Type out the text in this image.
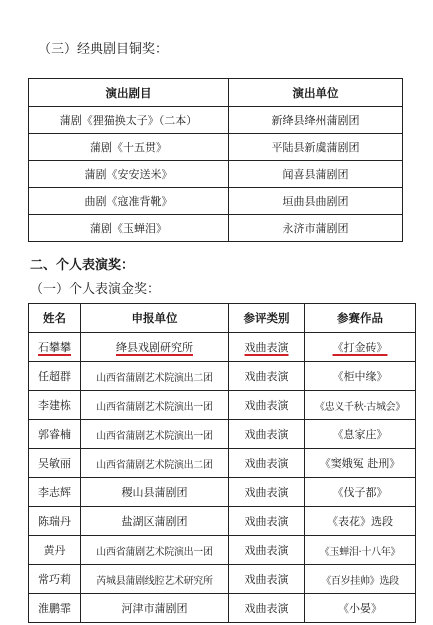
（三）经典剧目铜奖：
演出剧目	演出单位
蒲剧《狸猫换太子》（二本）	新绛县绛州蒲剧团
蒲剧《十五贯》	平陆县新虞蒲剧团
蒲剧《安安送米》	闻喜县蒲剧团
曲剧《寇准背靴》	垣曲县曲剧团
蒲剧《玉蝉泪》	永济市蒲剧团
二、个人表演奖：
（一）个人表演金奖：
姓名	申报单位	参评类别	参赛作品
石攀攀	绛县戏剧研究所	戏曲表演	《打金砖》
任超群	山西省蒲剧艺术院演出二团	戏曲表演	《柜中缘》
李建栋	山西省蒲剧艺术院演出一团	戏曲表演	《忠义千秋·古城会》
郭睿楠	山西省蒲剧艺术院演出一团	戏曲表演	《息家庄》
吴敏丽	山西省蒲剧艺术院演出二团	戏曲表演	《窦娥冤 赴刑》
李志辉	稷山县蒲剧团	戏曲表演	《伐子都》
陈瑞丹	盐湖区蒲剧团	戏曲表演	《表花》选段
黄丹	山西省蒲剧艺术院演出一团	戏曲表演	《玉蝉泪·十八年》
常巧莉	芮城县蒲剧线腔艺术研究所	戏曲表演	《百岁挂帅》选段
淮鹏霏	河津市蒲剧团	戏曲表演	《小晏》
